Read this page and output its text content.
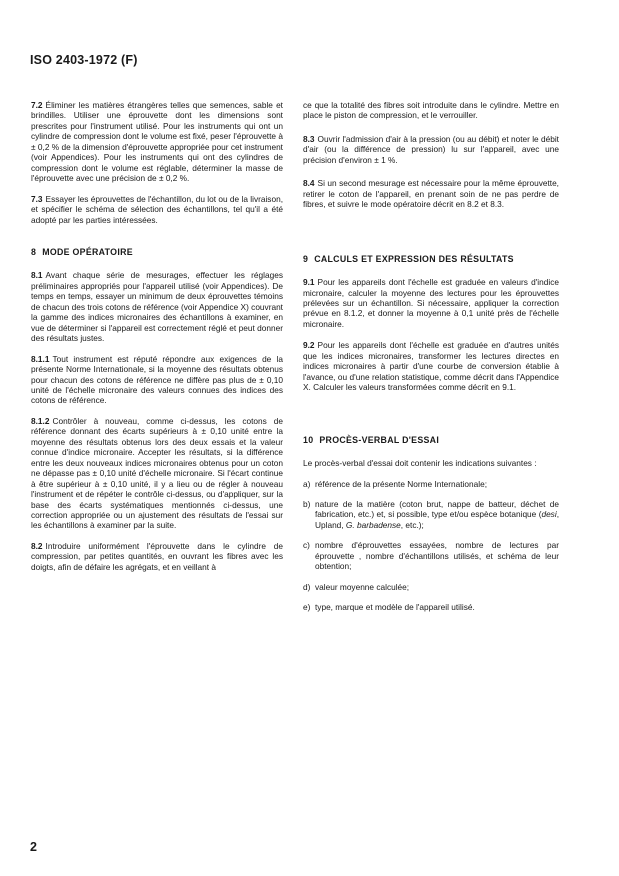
ISO 2403-1972 (F)

7.2 Éliminer les matières étrangères telles que semences, sable et brindilles. Utiliser une éprouvette dont les dimensions sont prescrites pour l'instrument utilisé. Pour les instruments qui ont un cylindre de compression dont le volume est fixé, peser l'éprouvette à ± 0,2 % de la dimension d'éprouvette appropriée pour cet instrument (voir Appendices). Pour les instruments qui ont des cylindres de compression dont le volume est réglable, déterminer la masse de l'éprouvette avec une précision de ± 0,2 %.

7.3 Essayer les éprouvettes de l'échantillon, du lot ou de la livraison, et spécifier le schéma de sélection des échantillons, tel qu'il a été adopté par les parties intéressées.

8 MODE OPÉRATOIRE

8.1 Avant chaque série de mesurages, effectuer les réglages préliminaires appropriés pour l'appareil utilisé (voir Appendices). De temps en temps, essayer un minimum de deux éprouvettes témoins de chacun des trois cotons de référence (voir Appendice X) couvrant la gamme des indices micronaires des échantillons à examiner, en vue de déterminer si l'appareil est correctement réglé et peut donner des résultats justes.

8.1.1 Tout instrument est réputé répondre aux exigences de la présente Norme Internationale, si la moyenne des résultats obtenus pour chacun des cotons de référence ne diffère pas plus de ± 0,10 unité de l'échelle micronaire des valeurs connues des indices des cotons de référence.

8.1.2 Contrôler à nouveau, comme ci-dessus, les cotons de référence donnant des écarts supérieurs à ± 0,10 unité entre la moyenne des résultats obtenus lors des deux essais et la valeur connue d'indice micronaire. Accepter les résultats, si la différence entre les deux nouveaux indices micronaires obtenus pour un coton ne dépasse pas ± 0,10 unité d'échelle micronaire. Si l'écart continue à être supérieur à ± 0,10 unité, il y a lieu ou de régler à nouveau l'instrument et de répéter le contrôle ci-dessus, ou d'appliquer, sur la base des écarts systématiques mentionnés ci-dessus, une correction appropriée ou un ajustement des résultats de l'essai sur les échantillons à examiner par la suite.

8.2 Introduire uniformément l'éprouvette dans le cylindre de compression, par petites quantités, en ouvrant les fibres avec les doigts, afin de défaire les agrégats, et en veillant à

ce que la totalité des fibres soit introduite dans le cylindre. Mettre en place le piston de compression, et le verrouiller.

8.3 Ouvrir l'admission d'air à la pression (ou au débit) et noter le débit d'air (ou la différence de pression) lu sur l'appareil, avec une précision d'environ ± 1 %.

8.4 Si un second mesurage est nécessaire pour la même éprouvette, retirer le coton de l'appareil, en prenant soin de ne pas perdre de fibres, et suivre le mode opératoire décrit en 8.2 et 8.3.

9 CALCULS ET EXPRESSION DES RÉSULTATS

9.1 Pour les appareils dont l'échelle est graduée en valeurs d'indice micronaire, calculer la moyenne des lectures pour les éprouvettes prélevées sur un échantillon. Si nécessaire, appliquer la correction prévue en 8.1.2, et donner la moyenne à 0,1 unité près de l'échelle micronaire.

9.2 Pour les appareils dont l'échelle est graduée en d'autres unités que les indices micronaires, transformer les lectures directes en indices micronaires à partir d'une courbe de conversion établie à l'avance, ou d'une relation statistique, comme décrit dans l'Appendice X. Calculer les valeurs transformées comme décrit en 9.1.

10 PROCÈS-VERBAL D'ESSAI

Le procès-verbal d'essai doit contenir les indications suivantes :

a) référence de la présente Norme Internationale;

b) nature de la matière (coton brut, nappe de batteur, déchet de fabrication, etc.) et, si possible, type et/ou espèce botanique (desi, Upland, G. barbadense, etc.);

c) nombre d'éprouvettes essayées, nombre de lectures par éprouvette , nombre d'échantillons utilisés, et schéma de leur obtention;

d) valeur moyenne calculée;

e) type, marque et modèle de l'appareil utilisé.

2
